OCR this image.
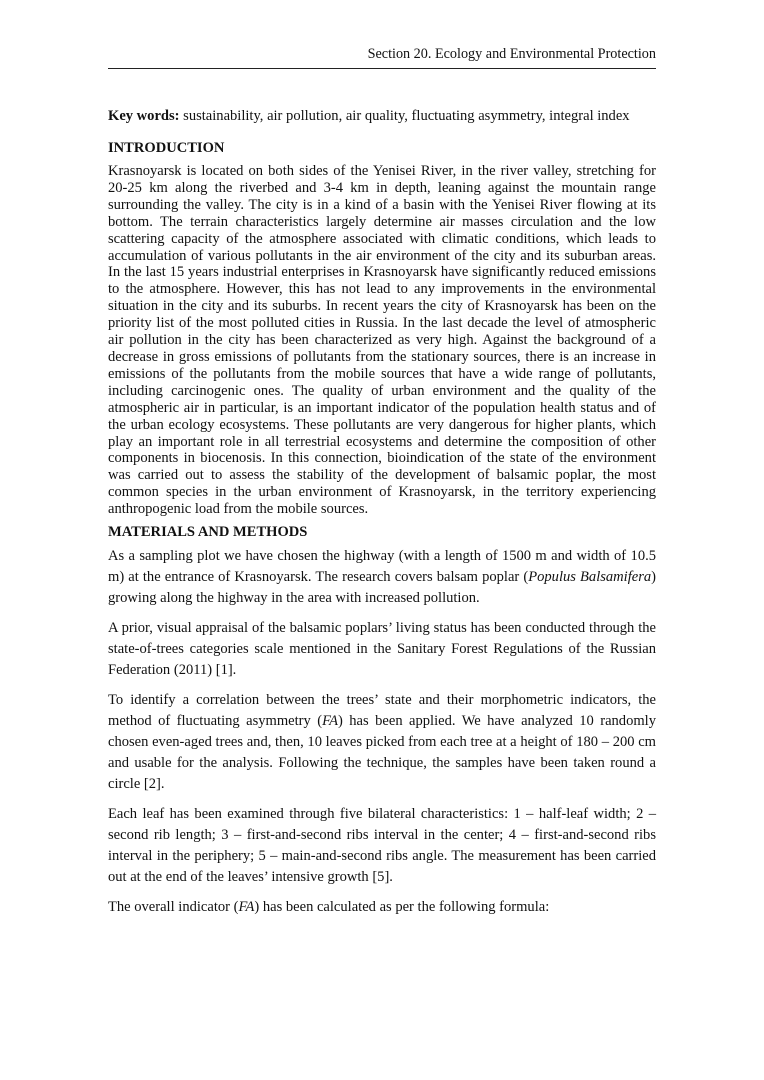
Section 20. Ecology and Environmental Protection

Key words: sustainability, air pollution, air quality, fluctuating asymmetry, integral index

INTRODUCTION

Krasnoyarsk is located on both sides of the Yenisei River, in the river valley, stretching for 20-25 km along the riverbed and 3-4 km in depth, leaning against the mountain range surrounding the valley. The city is in a kind of a basin with the Yenisei River flowing at its bottom. The terrain characteristics largely determine air masses circulation and the low scattering capacity of the atmosphere associated with climatic conditions, which leads to accumulation of various pollutants in the air environment of the city and its suburban areas. In the last 15 years industrial enterprises in Krasnoyarsk have significantly reduced emissions to the atmosphere. However, this has not lead to any improvements in the environmental situation in the city and its suburbs. In recent years the city of Krasnoyarsk has been on the priority list of the most polluted cities in Russia. In the last decade the level of atmospheric air pollution in the city has been characterized as very high. Against the background of a decrease in gross emissions of pollutants from the stationary sources, there is an increase in emissions of the pollutants from the mobile sources that have a wide range of pollutants, including carcinogenic ones. The quality of urban environment and the quality of the atmospheric air in particular, is an important indicator of the population health status and of the urban ecology ecosystems. These pollutants are very dangerous for higher plants, which play an important role in all terrestrial ecosystems and determine the composition of other components in biocenosis. In this connection, bioindication of the state of the environment was carried out to assess the stability of the development of balsamic poplar, the most common species in the urban environment of Krasnoyarsk, in the territory experiencing anthropogenic load from the mobile sources.

MATERIALS AND METHODS

As a sampling plot we have chosen the highway (with a length of 1500 m and width of 10.5 m) at the entrance of Krasnoyarsk. The research covers balsam poplar (Populus Balsamifera) growing along the highway in the area with increased pollution.

A prior, visual appraisal of the balsamic poplars’ living status has been conducted through the state-of-trees categories scale mentioned in the Sanitary Forest Regulations of the Russian Federation (2011) [1].

To identify a correlation between the trees’ state and their morphometric indicators, the method of fluctuating asymmetry (FA) has been applied. We have analyzed 10 randomly chosen even-aged trees and, then, 10 leaves picked from each tree at a height of 180 – 200 cm and usable for the analysis. Following the technique, the samples have been taken round a circle [2].

Each leaf has been examined through five bilateral characteristics: 1 – half-leaf width; 2 – second rib length; 3 – first-and-second ribs interval in the center; 4 – first-and-second ribs interval in the periphery; 5 – main-and-second ribs angle. The measurement has been carried out at the end of the leaves’ intensive growth [5].

The overall indicator (FA) has been calculated as per the following formula:
